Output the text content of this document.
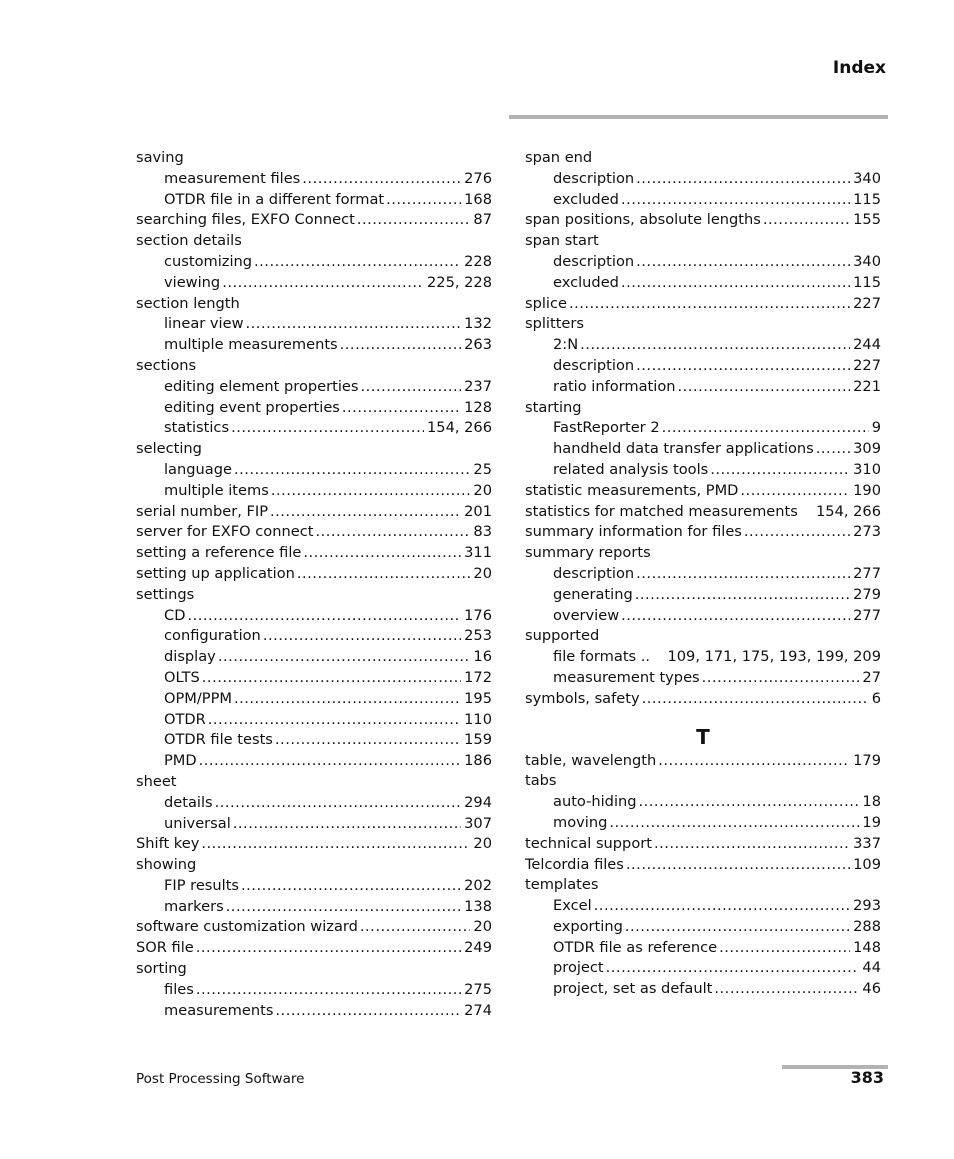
Index
saving
measurement files .....	276
OTDR file in a different format .....	168
searching files, EXFO Connect .....	87
section details
customizing .....	228
viewing .....	225, 228
section length
linear view .....	132
multiple measurements .....	263
sections
editing element properties .....	237
editing event properties .....	128
statistics .....	154, 266
selecting
language .....	25
multiple items .....	20
serial number, FIP .....	201
server for EXFO connect .....	83
setting a reference file .....	311
setting up application .....	20
settings
CD .....	176
configuration .....	253
display .....	16
OLTS .....	172
OPM/PPM .....	195
OTDR .....	110
OTDR file tests .....	159
PMD .....	186
sheet
details .....	294
universal .....	307
Shift key .....	20
showing
FIP results .....	202
markers .....	138
software customization wizard .....	20
SOR file .....	249
sorting
files .....	275
measurements .....	274
span end
description .....	340
excluded .....	115
span positions, absolute lengths .....	155
span start
description .....	340
excluded .....	115
splice .....	227
splitters
2:N .....	244
description .....	227
ratio information .....	221
starting
FastReporter 2 .....	9
handheld data transfer applications .....	309
related analysis tools .....	310
statistic measurements, PMD .....	190
statistics for matched measurements 154, 266
summary information for files .....	273
summary reports
description .....	277
generating .....	279
overview .....	277
supported
file formats .. 109, 171, 175, 193, 199, 209
measurement types .....	27
symbols, safety .....	6
T
table, wavelength .....	179
tabs
auto-hiding .....	18
moving .....	19
technical support .....	337
Telcordia files .....	109
templates
Excel .....	293
exporting .....	288
OTDR file as reference .....	148
project .....	44
project, set as default .....	46
Post Processing Software	383
